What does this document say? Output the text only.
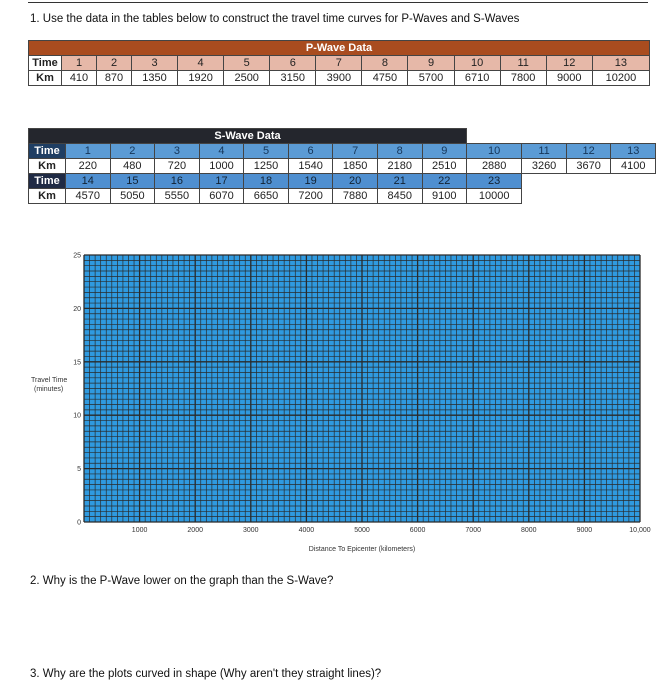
1. Use the data in the tables below to construct the travel time curves for P-Waves and S-Waves
P-Wave Data													
Time	1	2	3	4	5	6	7	8	9	10	11	12	13
Km	410	870	1350	1920	2500	3150	3900	4750	5700	6710	7800	9000	10200
S-Wave Data													
Time	1	2	3	4	5	6	7	8	9	10	11	12	13
Km	220	480	720	1000	1250	1540	1850	2180	2510	2880	3260	3670	4100
Time	14	15	16	17	18	19	20	21	22	23			
Km	4570	5050	5550	6070	6650	7200	7880	8450	9100	10000			
0
5
10
15
20
25
1000	2000	3000	4000	5000	6000	7000	8000	9000	10,000
Travel Time
(minutes)
Distance To Epicenter (kilometers)

2. Why is the P-Wave lower on the graph than the S-Wave?

3. Why are the plots curved in shape (Why aren't they straight lines)?
